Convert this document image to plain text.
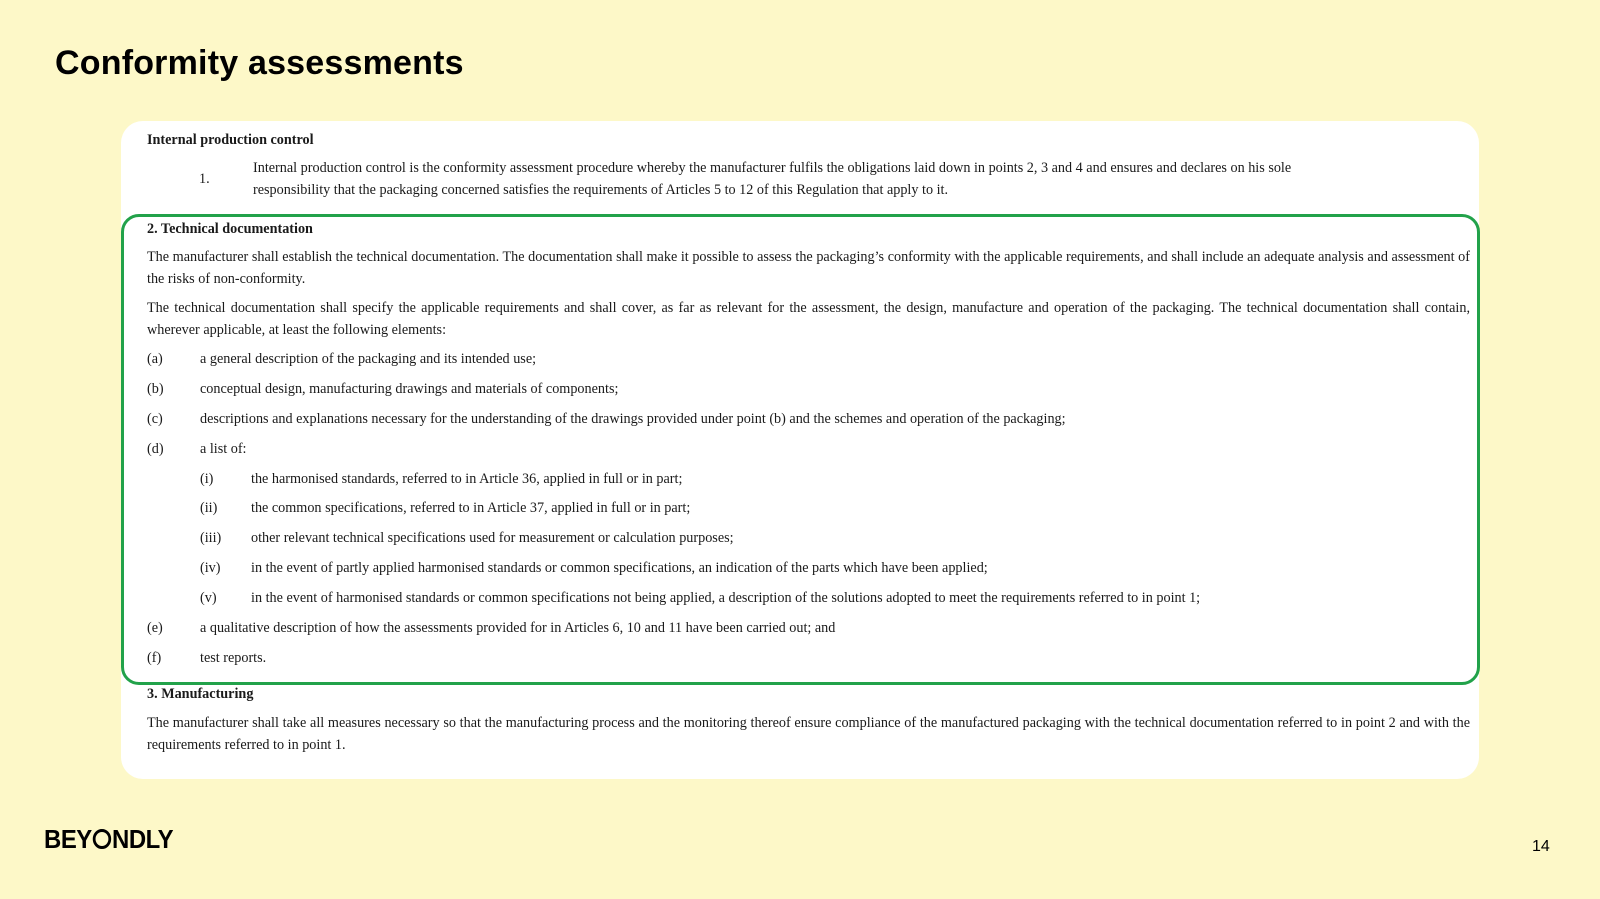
Conformity assessments
Internal production control
1.
Internal production control is the conformity assessment procedure whereby the manufacturer fulfils the obligations laid down in points 2, 3 and 4 and ensures and declares on his sole
responsibility that the packaging concerned satisfies the requirements of Articles 5 to 12 of this Regulation that apply to it.
2. Technical documentation
The manufacturer shall establish the technical documentation. The documentation shall make it possible to assess the packaging’s conformity with the applicable requirements, and shall include an adequate analysis and assessment of the risks of non-conformity.
The technical documentation shall specify the applicable requirements and shall cover, as far as relevant for the assessment, the design, manufacture and operation of the packaging. The technical documentation shall contain, wherever applicable, at least the following elements:
(a)	a general description of the packaging and its intended use;
(b)	conceptual design, manufacturing drawings and materials of components;
(c)	descriptions and explanations necessary for the understanding of the drawings provided under point (b) and the schemes and operation of the packaging;
(d)	a list of:
(i)	the harmonised standards, referred to in Article 36, applied in full or in part;
(ii) the common specifications, referred to in Article 37, applied in full or in part;
(iii) other relevant technical specifications used for measurement or calculation purposes;
(iv) in the event of partly applied harmonised standards or common specifications, an indication of the parts which have been applied;
(v) in the event of harmonised standards or common specifications not being applied, a description of the solutions adopted to meet the requirements referred to in point 1;
(e)	a qualitative description of how the assessments provided for in Articles 6, 10 and 11 have been carried out; and
(f)	test reports.
3. Manufacturing
The manufacturer shall take all measures necessary so that the manufacturing process and the monitoring thereof ensure compliance of the manufactured packaging with the technical documentation referred to in point 2 and with the requirements referred to in point 1.
BEY NDLY	14
